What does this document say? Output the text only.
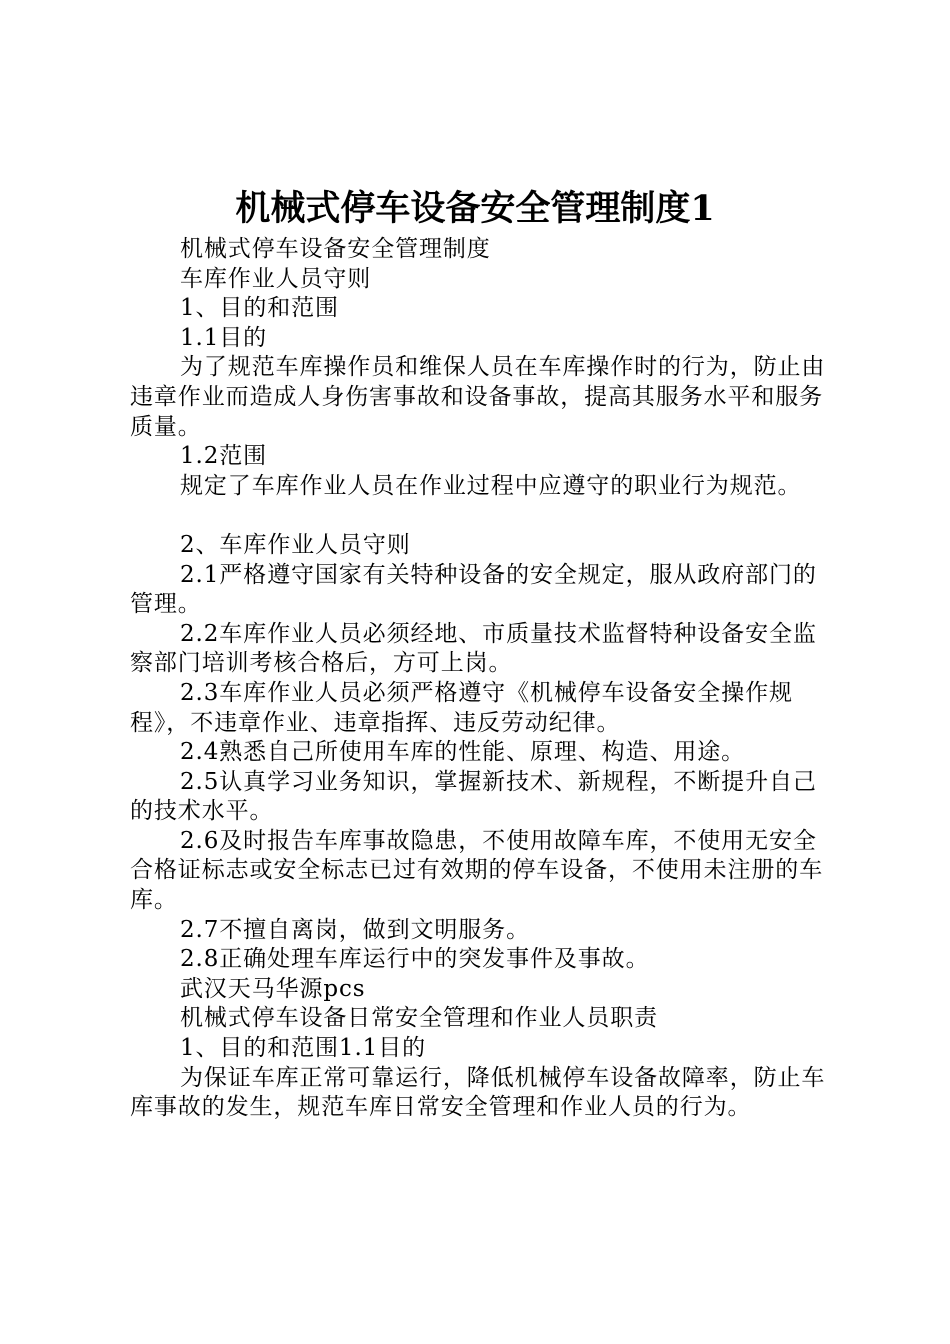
机械式停车设备安全管理制度1

机械式停车设备安全管理制度

车库作业人员守则

1、目的和范围

1.1目的

为了规范车库操作员和维保人员在车库操作时的行为，防止由违章作业而造成人身伤害事故和设备事故，提高其服务水平和服务质量。

1.2范围

规定了车库作业人员在作业过程中应遵守的职业行为规范。

2、车库作业人员守则

2.1严格遵守国家有关特种设备的安全规定，服从政府部门的管理。

2.2车库作业人员必须经地、市质量技术监督特种设备安全监察部门培训考核合格后，方可上岗。

2.3车库作业人员必须严格遵守《机械停车设备安全操作规程》，不违章作业、违章指挥、违反劳动纪律。

2.4熟悉自己所使用车库的性能、原理、构造、用途。

2.5认真学习业务知识，掌握新技术、新规程，不断提升自己的技术水平。

2.6及时报告车库事故隐患，不使用故障车库，不使用无安全合格证标志或安全标志已过有效期的停车设备，不使用未注册的车库。

2.7不擅自离岗，做到文明服务。

2.8正确处理车库运行中的突发事件及事故。

武汉天马华源pcs

机械式停车设备日常安全管理和作业人员职责

1、目的和范围1.1目的

为保证车库正常可靠运行，降低机械停车设备故障率，防止车库事故的发生，规范车库日常安全管理和作业人员的行为。
